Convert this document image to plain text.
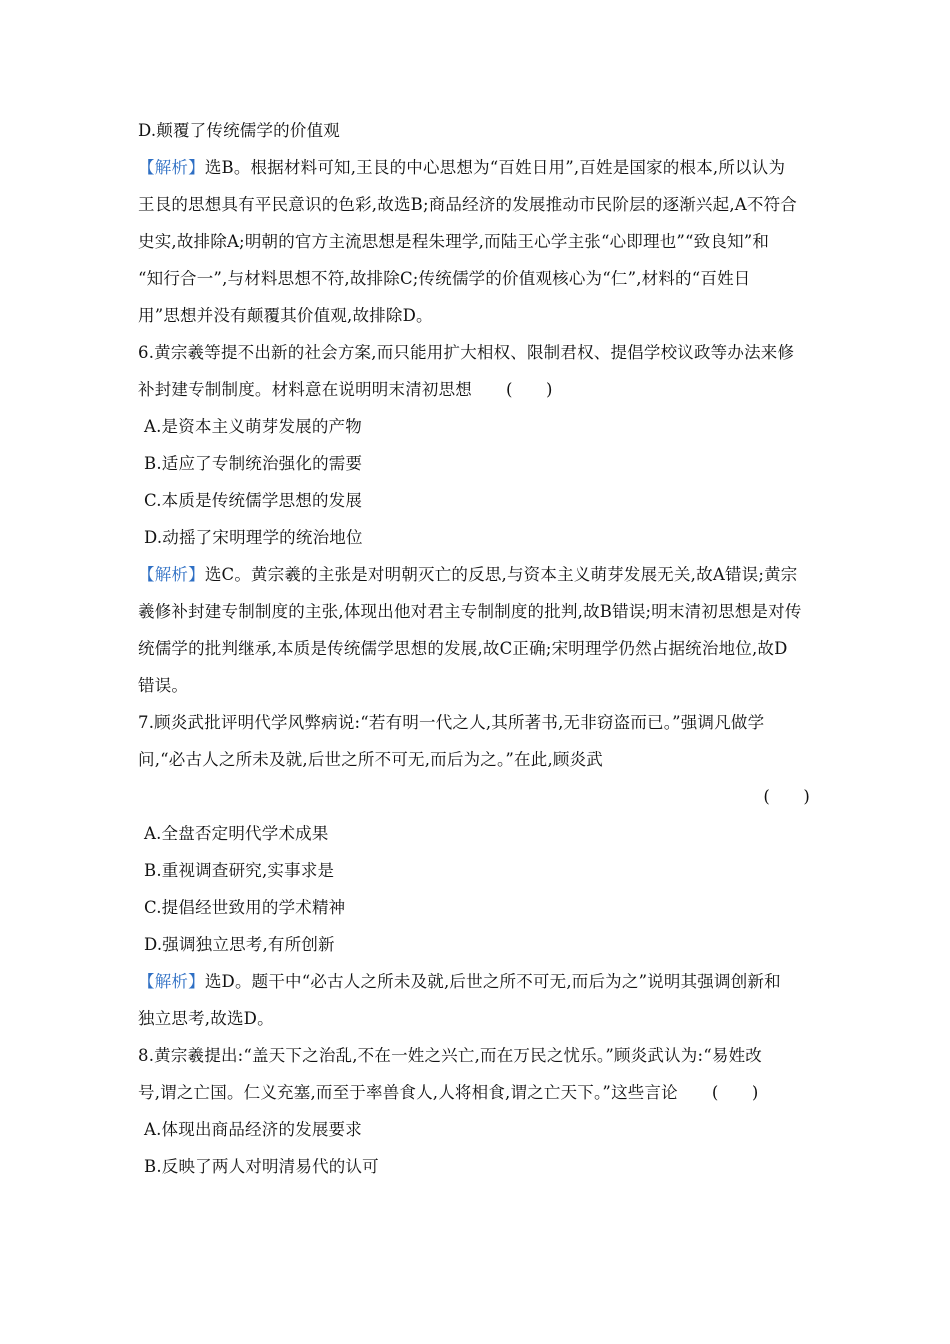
D.颠覆了传统儒学的价值观
【解析】选B。根据材料可知,王艮的中心思想为“百姓日用”,百姓是国家的根本,所以认为
王艮的思想具有平民意识的色彩,故选B;商品经济的发展推动市民阶层的逐渐兴起,A不符合
史实,故排除A;明朝的官方主流思想是程朱理学,而陆王心学主张“心即理也”“致良知”和
“知行合一”,与材料思想不符,故排除C;传统儒学的价值观核心为“仁”,材料的“百姓日
用”思想并没有颠覆其价值观,故排除D。
6.黄宗羲等提不出新的社会方案,而只能用扩大相权、限制君权、提倡学校议政等办法来修
补封建专制制度。材料意在说明明末清初思想 (　　)
A.是资本主义萌芽发展的产物
B.适应了专制统治强化的需要
C.本质是传统儒学思想的发展
D.动摇了宋明理学的统治地位
【解析】选C。黄宗羲的主张是对明朝灭亡的反思,与资本主义萌芽发展无关,故A错误;黄宗
羲修补封建专制制度的主张,体现出他对君主专制制度的批判,故B错误;明末清初思想是对传
统儒学的批判继承,本质是传统儒学思想的发展,故C正确;宋明理学仍然占据统治地位,故D
错误。
7.顾炎武批评明代学风弊病说:“若有明一代之人,其所著书,无非窃盗而已。”强调凡做学
问,“必古人之所未及就,后世之所不可无,而后为之。”在此,顾炎武
(　　)
A.全盘否定明代学术成果
B.重视调查研究,实事求是
C.提倡经世致用的学术精神
D.强调独立思考,有所创新
【解析】选D。题干中“必古人之所未及就,后世之所不可无,而后为之”说明其强调创新和
独立思考,故选D。
8.黄宗羲提出:“盖天下之治乱,不在一姓之兴亡,而在万民之忧乐。”顾炎武认为:“易姓改
号,谓之亡国。仁义充塞,而至于率兽食人,人将相食,谓之亡天下。”这些言论 (　　)
A.体现出商品经济的发展要求
B.反映了两人对明清易代的认可
